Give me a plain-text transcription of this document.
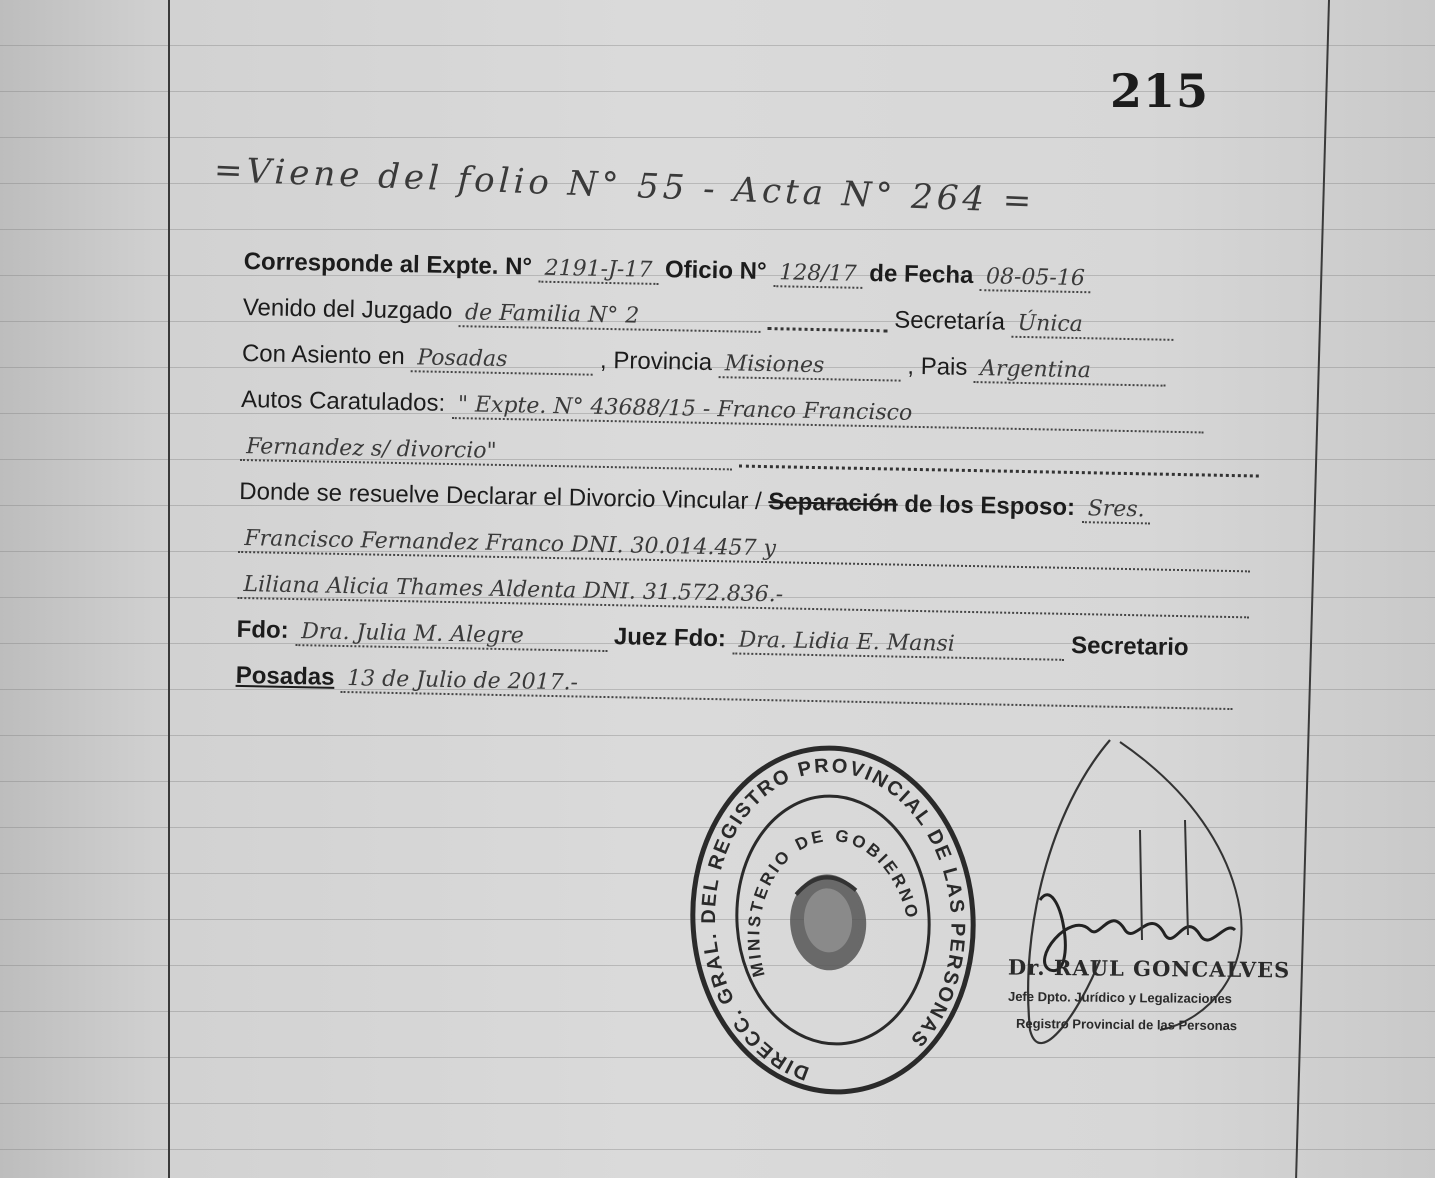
215
=Viene del folio N° 55 - Acta N° 264 =
Corresponde al Expte. N° 2191-J-17 Oficio N° 128/17 de Fecha 08-05-16
Venido del Juzgado de Familia N° 2	Secretaría Única
Con Asiento en Posadas	, Provincia Misiones	, Pais Argentina
Autos Caratulados: " Expte. N° 43688/15 - Franco Francisco
Fernandez s/ divorcio"
Donde se resuelve Declarar el Divorcio Vincular / Separación de los Esposo: Sres.
Francisco Fernandez Franco DNI. 30.014.457 y
Liliana Alicia Thames Aldenta DNI. 31.572.836.-
Fdo: Dra. Julia M. Alegre	Juez Fdo: Dra. Lidia E. Mansi	Secretario
Posadas 13 de Julio de 2017.-
DIRECC. GRAL. DEL REGISTRO PROVINCIAL DE LAS PERSONAS
MINISTERIO DE GOBIERNO
Dr. RAUL GONCALVES
Jefe Dpto. Jurídico y Legalizaciones
Registro Provincial de las Personas
